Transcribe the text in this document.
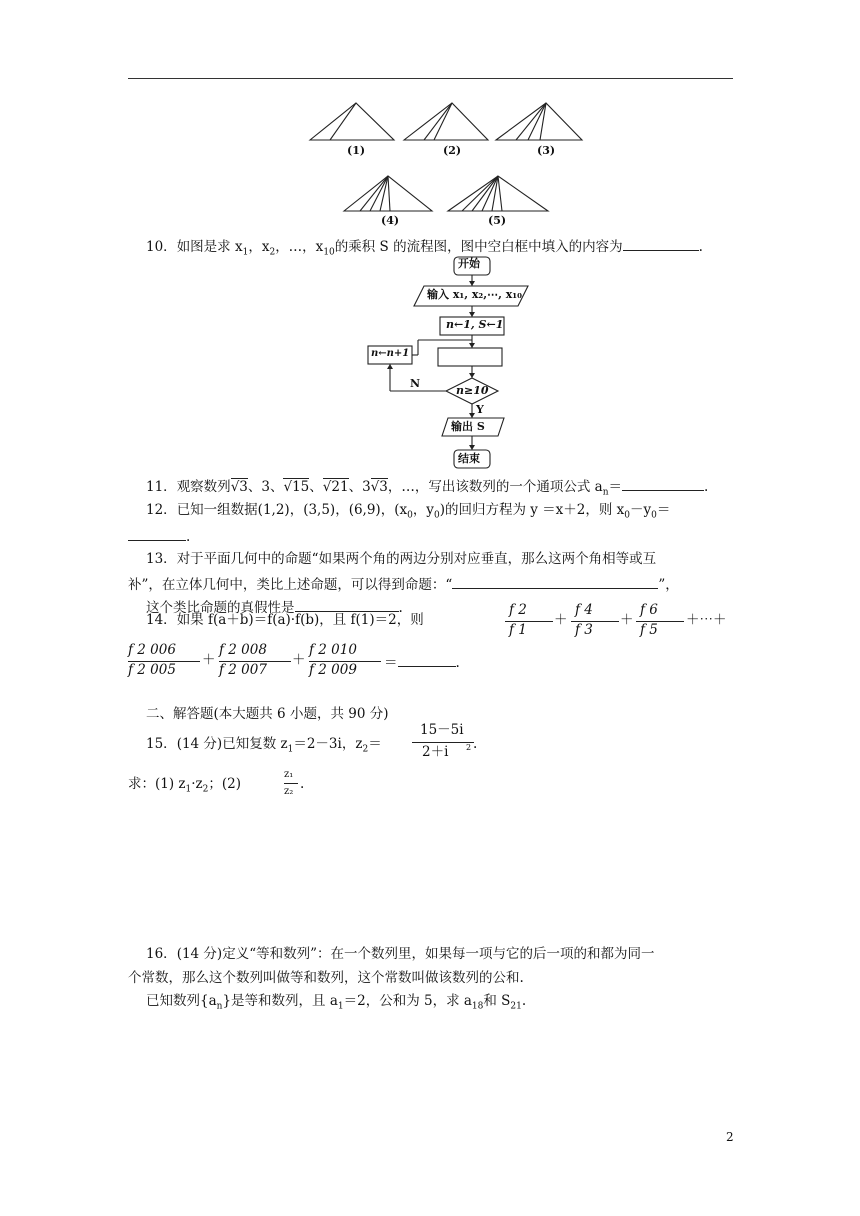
(1)	(2)	(3)
(4)	(5)
10．如图是求 $x_1$，$x_2$，…，$x_{10}$的乘积 S 的流程图，图中空白框中填入的内容为	.
开始
输入 x₁, x₂,⋯, x₁₀
n←1, S←1
n←n+1
n≥10
N
Y
输出 S
结束
11．观察数列√3、3、√15、√21、3√3，…，写出该数列的一个通项公式 $a_n=$	.
12．已知一组数据(1,2)，(3,5)，(6,9)，($x_0$，$y_0$)的回归方程为 y ＝x＋2，则 $x_0-y_0=$
.
13．对于平面几何中的命题“如果两个角的两边分别对应垂直，那么这两个角相等或互
补”，在立体几何中，类比上述命题，可以得到命题：“	”，
这个类比命题的真假性是	.
14．如果 f(a＋b)＝f(a)·f(b)，且 f(1)＝2，则
f 2
f 1
＋
f 4
f 3
＋
f 6
f 5
＋⋯＋
f 2 006
f 2 005
＋
f 2 008
f 2 007
＋
f 2 010
f 2 009 ＝	.
二、解答题(本大题共 6 小题，共 90 分)
15．(14 分)已知复数 $z_1=2-3i$，$z_2=$
15－5i
2＋i 2 .
求：(1) $z_1\cdot z_2$；(2)
z₁
z₂ .
16．(14 分)定义“等和数列”：在一个数列里，如果每一项与它的后一项的和都为同一
个常数，那么这个数列叫做等和数列，这个常数叫做该数列的公和.
已知数列$\{a_n\}$是等和数列，且 $a_1=2$，公和为 5，求 $a_{18}$和 $S_{21}$.
2
